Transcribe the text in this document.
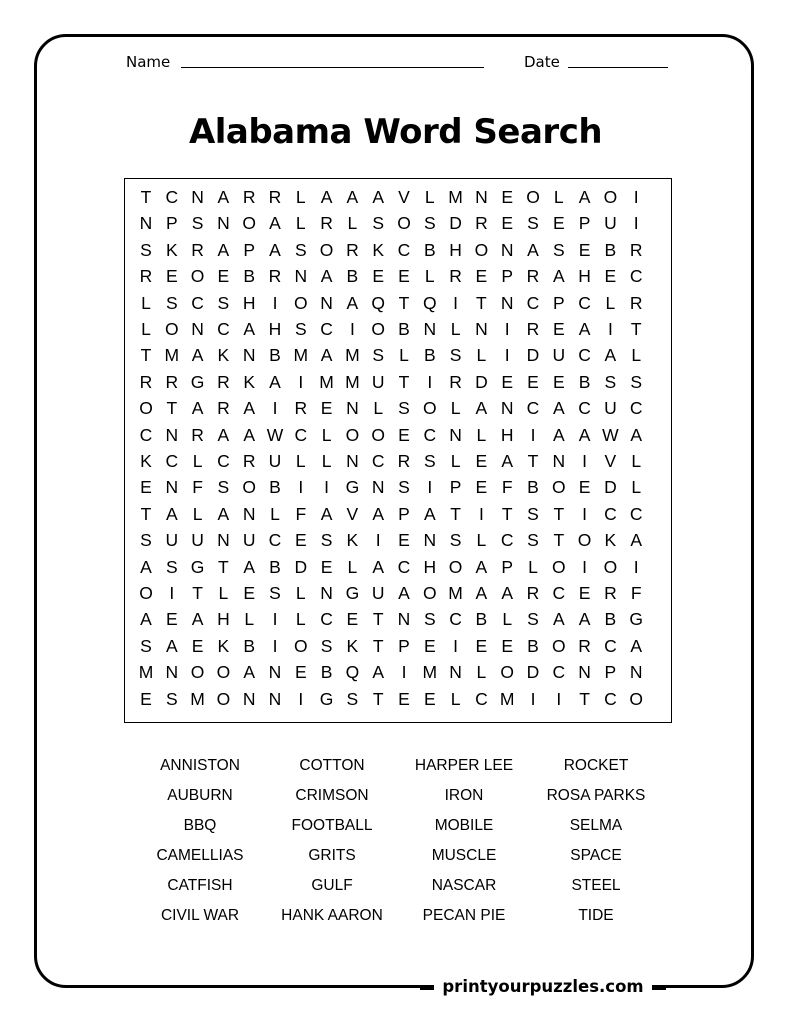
Name	Date
Alabama Word Search
T C N A R R L A A A V L M N E O L A O I
N P S N O A L R L S O S D R E S E P U I
S K R A P A S O R K C B H O N A S E B R
R E O E B R N A B E E L R E P R A H E C
L S C S H I O N A Q T Q I	T N C P C L R
L O N C A H S C I O B N L N I R E A	I	T
T M A K N B M A M S L B S L	I D U C A L
R R G R K A	I M M U T	I R D E E E B S S
O T A R A	I R E N L S O L A N C A C U C
C N R A A W C L O O E C N L H I	A A W A
K C L C R U L L N C R S L E A T N I	V L
E N F S O B	I	I G N S	I	P E F B O E D L
T A L A N L F A V A P A T	I	T S T	I C C
S U U N U C E S K	I	E N S L C S T O K A
A S G T A B D E L A C H O A P L O I O I
O I	T L E S L N G U A O M A A R C E R F
A E A H L	I	L C E T N S C B L S A A B G
S A E K B	I O S K T P E	I	E E B O R C A
M N O O A N E B Q A	I M N L O D C N P N
E S M O N N I G S T E E L C M I	I	T C O
ANNISTON	COTTON	HARPER LEE	ROCKET
AUBURN	CRIMSON	IRON	ROSA PARKS
BBQ	FOOTBALL	MOBILE	SELMA
CAMELLIAS	GRITS	MUSCLE	SPACE
CATFISH	GULF	NASCAR	STEEL
CIVIL WAR	HANK AARON	PECAN PIE	TIDE
printyourpuzzles.com
